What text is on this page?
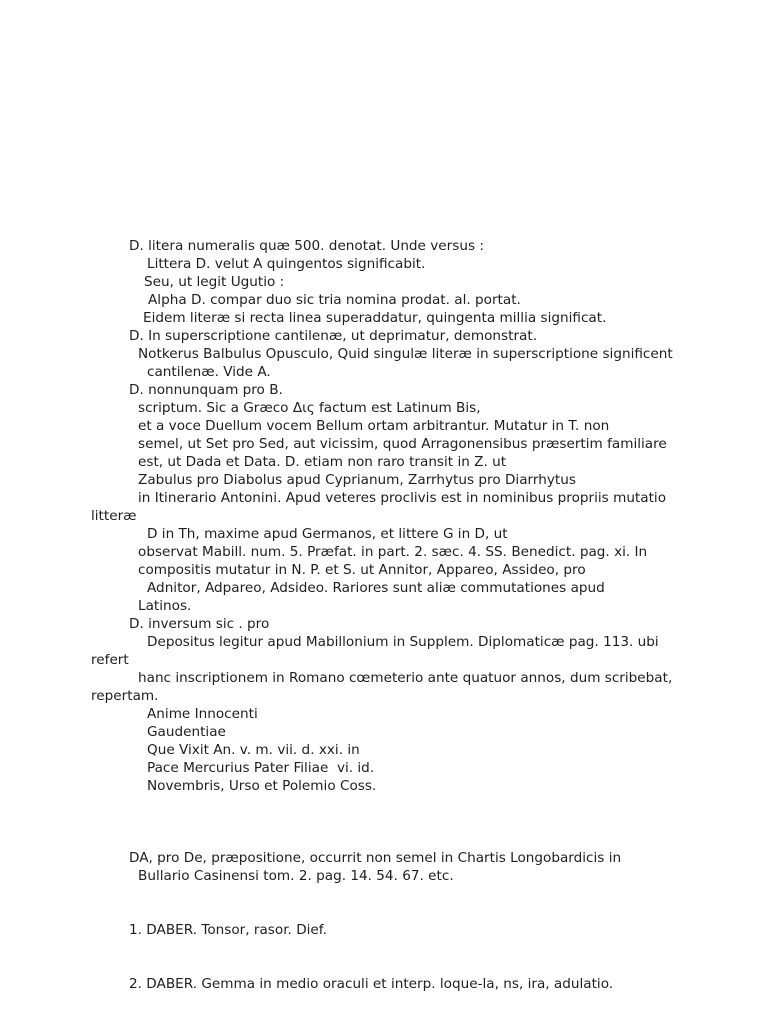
D. litera numeralis quæ 500. denotat. Unde versus :
Littera D. velut A quingentos significabit.
Seu, ut legit Ugutio :
Alpha D. compar duo sic tria nomina prodat. al. portat.
Eidem literæ si recta linea superaddatur, quingenta millia significat.
D. In superscriptione cantilenæ, ut deprimatur, demonstrat.
Notkerus Balbulus Opusculo, Quid singulæ literæ in superscriptione significent
cantilenæ. Vide A.
D. nonnunquam pro B.
scriptum. Sic a Græco Δις factum est Latinum Bis,
et a voce Duellum vocem Bellum ortam arbitrantur. Mutatur in T. non
semel, ut Set pro Sed, aut vicissim, quod Arragonensibus præsertim familiare
est, ut Dada et Data. D. etiam non raro transit in Z. ut
Zabulus pro Diabolus apud Cyprianum, Zarrhytus pro Diarrhytus
in Itinerario Antonini. Apud veteres proclivis est in nominibus propriis mutatio
litteræ
D in Th, maxime apud Germanos, et littere G in D, ut
observat Mabill. num. 5. Præfat. in part. 2. sæc. 4. SS. Benedict. pag. xi. In
compositis mutatur in N. P. et S. ut Annitor, Appareo, Assideo, pro
Adnitor, Adpareo, Adsideo. Rariores sunt aliæ commutationes apud
Latinos.
D. inversum sic . pro
Depositus legitur apud Mabillonium in Supplem. Diplomaticæ pag. 113. ubi
refert
hanc inscriptionem in Romano cœmeterio ante quatuor annos, dum scribebat,
repertam.
Anime Innocenti
Gaudentiae
Que Vixit An. v. m. vii. d. xxi. in
Pace Mercurius Pater Filiae  vi. id.
Novembris, Urso et Polemio Coss.
DA, pro De, præpositione, occurrit non semel in Chartis Longobardicis in
Bullario Casinensi tom. 2. pag. 14. 54. 67. etc.
1. DABER. Tonsor, rasor. Dief.
2. DABER. Gemma in medio oraculi et interp. loque-la, ns, ira, adulatio.
